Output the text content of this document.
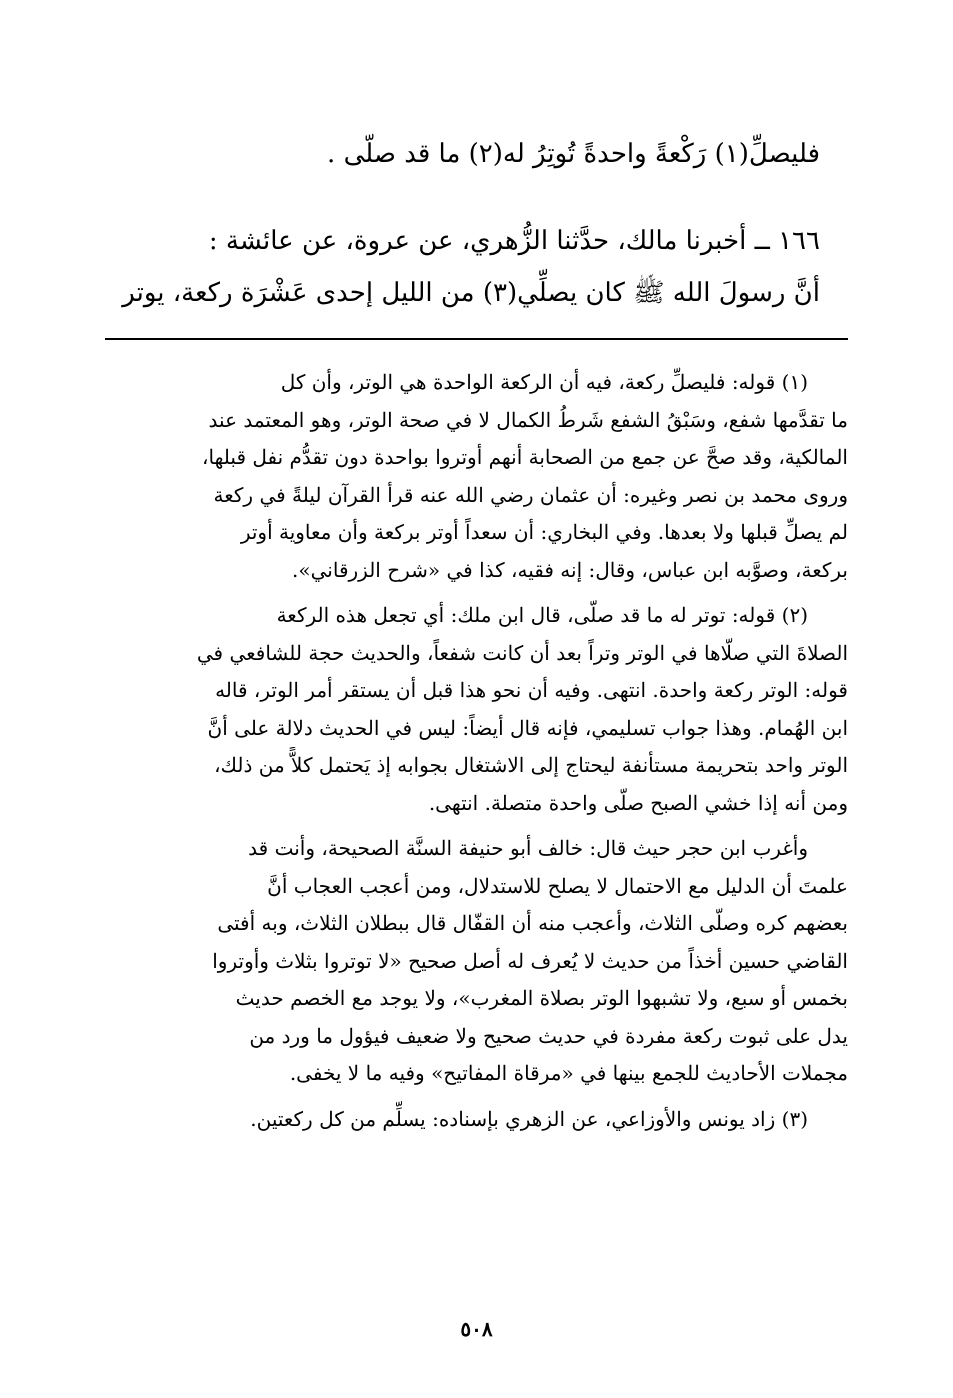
فليصلِّ(١) رَكْعةً واحدةً تُوتِرُ له(٢) ما قد صلّى .
١٦٦ ــ أخبرنا مالك، حدَّثنا الزُّهري، عن عروة، عن عائشة :
أنَّ رسولَ الله ﷺ كان يصلِّي(٣) من الليل إحدى عَشْرَة ركعة، يوتر
(١) قوله: فليصلِّ ركعة، فيه أن الركعة الواحدة هي الوتر، وأن كل
ما تقدَّمها شفع، وسَبْقُ الشفع شَرطُ الكمال لا في صحة الوتر، وهو المعتمد عند
المالكية، وقد صحَّ عن جمع من الصحابة أنهم أوتروا بواحدة دون تقدُّم نفل قبلها،
وروى محمد بن نصر وغيره: أن عثمان رضي الله عنه قرأ القرآن ليلةً في ركعة
لم يصلِّ قبلها ولا بعدها. وفي البخاري: أن سعداً أوتر بركعة وأن معاوية أوتر
بركعة، وصوَّبه ابن عباس، وقال: إنه فقيه، كذا في «شرح الزرقاني».
(٢) قوله: توتر له ما قد صلّى، قال ابن ملك: أي تجعل هذه الركعة
الصلاةَ التي صلّاها في الوتر وتراً بعد أن كانت شفعاً، والحديث حجة للشافعي في
قوله: الوتر ركعة واحدة. انتهى. وفيه أن نحو هذا قبل أن يستقر أمر الوتر، قاله
ابن الهُمام. وهذا جواب تسليمي، فإنه قال أيضاً: ليس في الحديث دلالة على أنَّ
الوتر واحد بتحريمة مستأنفة ليحتاج إلى الاشتغال بجوابه إذ يَحتمل كلاًّ من ذلك،
ومن أنه إذا خشي الصبح صلّى واحدة متصلة. انتهى.
وأغرب ابن حجر حيث قال: خالف أبو حنيفة السنَّة الصحيحة، وأنت قد
علمتَ أن الدليل مع الاحتمال لا يصلح للاستدلال، ومن أعجب العجاب أنَّ
بعضهم كره وصلّى الثلاث، وأعجب منه أن القفّال قال ببطلان الثلاث، وبه أفتى
القاضي حسين أخذاً من حديث لا يُعرف له أصل صحيح «لا توتروا بثلاث وأوتروا
بخمس أو سبع، ولا تشبهوا الوتر بصلاة المغرب»، ولا يوجد مع الخصم حديث
يدل على ثبوت ركعة مفردة في حديث صحيح ولا ضعيف فيؤول ما ورد من
مجملات الأحاديث للجمع بينها في «مرقاة المفاتيح» وفيه ما لا يخفى.
(٣) زاد يونس والأوزاعي، عن الزهري بإسناده: يسلِّم من كل ركعتين.
٥٠٨
